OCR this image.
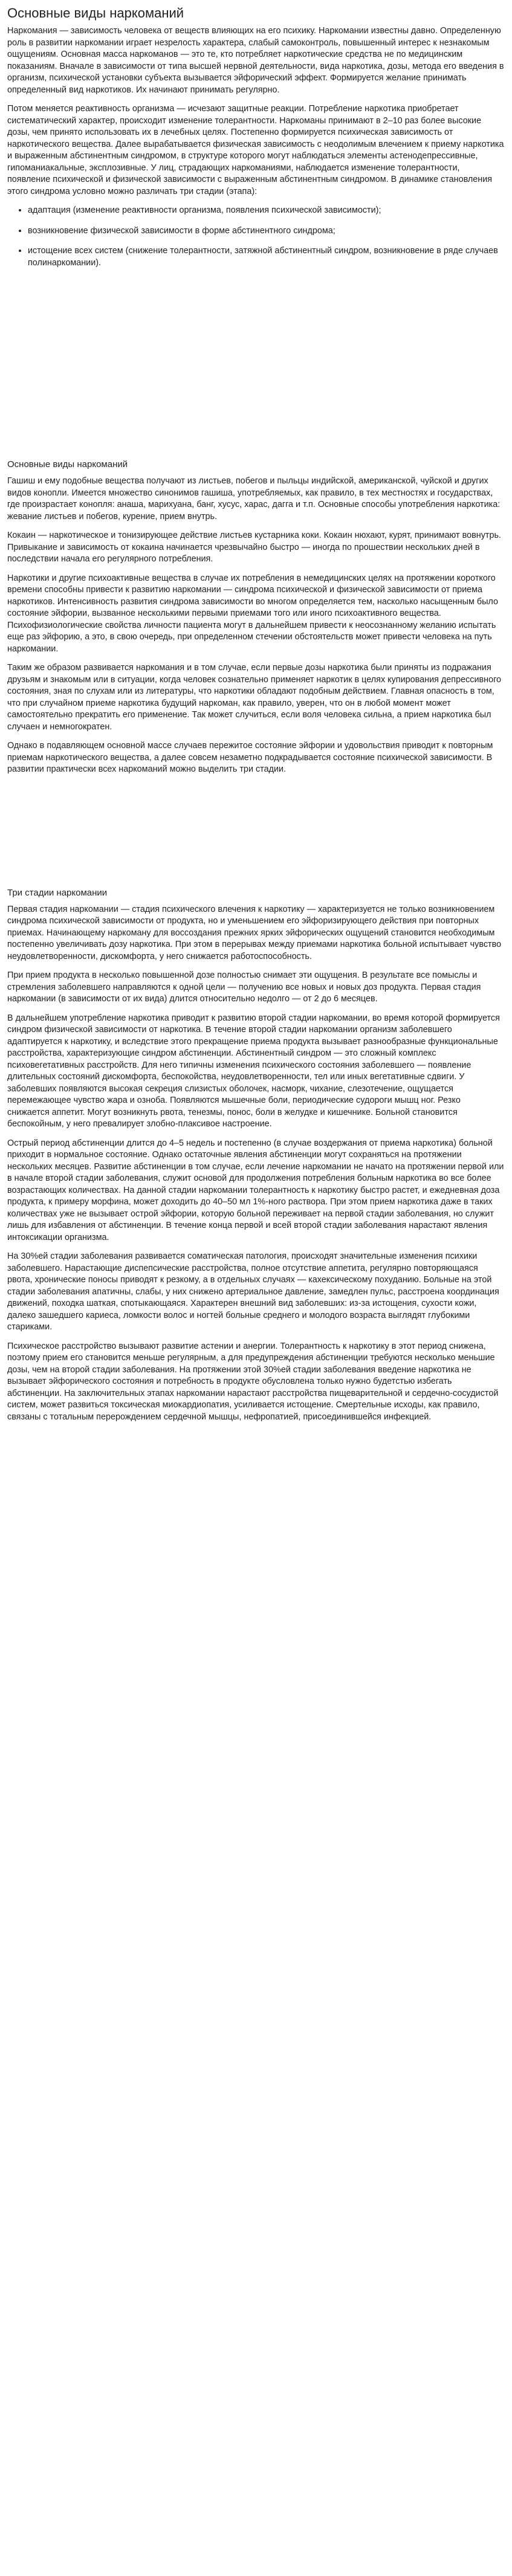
Основные виды наркоманий

Наркомания — зависимость человека от веществ влияющих на его психику. Наркомании известны давно. Определенную роль в развитии наркомании играет незрелость характера, слабый самоконтроль, повышенный интерес к незнакомым ощущениям. Основная масса наркоманов — это те, кто потребляет наркотические средства не по медицинским показаниям. Вначале в зависимости от типа высшей нервной деятельности, вида наркотика, дозы, метода его введения в организм, психической установки субъекта вызывается эйфорический эффект. Формируется желание принимать определенный вид наркотиков. Их начинают принимать регулярно.

Потом меняется реактивность организма — исчезают защитные реакции. Потребление наркотика приобретает систематический характер, происходит изменение толерантности. Наркоманы принимают в 2–10 раз более высокие дозы, чем принято использовать их в лечебных целях. Постепенно формируется психическая зависимость от наркотического вещества. Далее вырабатывается физическая зависимость с неодолимым влечением к приему наркотика и выраженным абстинентным синдромом, в структуре которого могут наблюдаться элементы астенодепрессивные, гипоманиакальные, эксплозивные. У лиц, страдающих наркоманиями, наблюдается изменение толерантности, появление психической и физической зависимости с выраженным абстинентным синдромом. В динамике становления этого синдрома условно можно различать три стадии (этапа):

• адаптация (изменение реактивности организма, появления психической зависимости);
• возникновение физической зависимости в форме абстинентного синдрома;
• истощение всех систем (снижение толерантности, затяжной абстинентный синдром, возникновение в ряде случаев полинаркомании).
Основные виды наркоманий

Гашиш и ему подобные вещества получают из листьев, побегов и пыльцы индийской, американской, чуйской и других видов конопли. Имеется множество синонимов гашиша, употребляемых, как правило, в тех местностях и государствах, где произрастает конопля: анаша, марихуана, банг, хусус, харас, дагга и т.п. Основные способы употребления наркотика: жевание листьев и побегов, курение, прием внутрь.

Кокаин — наркотическое и тонизирующее действие листьев кустарника коки. Кокаин нюхают, курят, принимают вовнутрь. Привыкание и зависимость от кокаина начинается чрезвычайно быстро — иногда по прошествии нескольких дней в последствии начала его регулярного потребления.

Наркотики и другие психоактивные вещества в случае их потребления в немедицинских целях на протяжении короткого времени способны привести к развитию наркомании — синдрома психической и физической зависимости от приема наркотиков. Интенсивность развития синдрома зависимости во многом определяется тем, насколько насыщенным было состояние эйфории, вызванное несколькими первыми приемами того или иного психоактивного вещества. Психофизиологические свойства личности пациента могут в дальнейшем привести к неосознанному желанию испытать еще раз эйфорию, а это, в свою очередь, при определенном стечении обстоятельств может привести человека на путь наркомании.

Таким же образом развивается наркомания и в том случае, если первые дозы наркотика были приняты из подражания друзьям и знакомым или в ситуации, когда человек сознательно применяет наркотик в целях купирования депрессивного состояния, зная по слухам или из литературы, что наркотики обладают подобным действием. Главная опасность в том, что при случайном приеме наркотика будущий наркоман, как правило, уверен, что он в любой момент может самостоятельно прекратить его применение. Так может случиться, если воля человека сильна, а прием наркотика был случаен и немногократен.

Однако в подавляющем основной массе случаев пережитое состояние эйфории и удовольствия приводит к повторным приемам наркотического вещества, а далее совсем незаметно подкрадывается состояние психической зависимости. В развитии практически всех наркоманий можно выделить три стадии.

Три стадии наркомании

Первая стадия наркомании — стадия психического влечения к наркотику — характеризуется не только возникновением синдрома психической зависимости от продукта, но и уменьшением его эйфоризирующего действия при повторных приемах. Начинающему наркоману для воссоздания прежних ярких эйфорических ощущений становится необходимым постепенно увеличивать дозу наркотика. При этом в перерывах между приемами наркотика больной испытывает чувство неудовлетворенности, дискомфорта, у него снижается работоспособность.

При прием продукта в несколько повышенной дозе полностью снимает эти ощущения. В результате все помыслы и стремления заболевшего направляются к одной цели — получению все новых и новых доз продукта. Первая стадия наркомании (в зависимости от их вида) длится относительно недолго — от 2 до 6 месяцев.

В дальнейшем употребление наркотика приводит к развитию второй стадии наркомании, во время которой формируется синдром физической зависимости от наркотика. В течение второй стадии наркомании организм заболевшего адаптируется к наркотику, и вследствие этого прекращение приема продукта вызывает разнообразные функциональные расстройства, характеризующие синдром абстиненции. Абстинентный синдром — это сложный комплекс психовегетативных расстройств. Для него типичны изменения психического состояния заболевшего — появление длительных состояний дискомфорта, беспокойства, неудовлетворенности, тел или иных вегетативные сдвиги. У заболевших появляются высокая секреция слизистых оболочек, насморк, чихание, слезотечение, ощущается перемежающее чувство жара и озноба. Появляются мышечные боли, периодические судороги мышц ног. Резко снижается аппетит. Могут возникнуть рвота, тенезмы, понос, боли в желудке и кишечнике. Больной становится беспокойным, у него превалирует злобно-плаксивое настроение.

Острый период абстиненции длится до 4–5 недель и постепенно (в случае воздержания от приема наркотика) больной приходит в нормальное состояние. Однако остаточные явления абстиненции могут сохраняться на протяжении нескольких месяцев. Развитие абстиненции в том случае, если лечение наркомании не начато на протяжении первой или в начале второй стадии заболевания, служит основой для продолжения потребления больным наркотика во все более возрастающих количествах. На данной стадии наркомании толерантность к наркотику быстро растет, и ежедневная доза продукта, к примеру морфина, может доходить до 40–50 мл 1%-ного раствора. При этом прием наркотика даже в таких количествах уже не вызывает острой эйфории, которую больной переживает на первой стадии заболевания, но служит лишь для избавления от абстиненции. В течение конца первой и всей второй стадии заболевания нарастают явления интоксикации организма.

На 30%ей стадии заболевания развивается соматическая патология, происходят значительные изменения психики заболевшего. Нарастающие диспепсические расстройства, полное отсутствие аппетита, регулярно повторяющаяся рвота, хронические поносы приводят к резкому, а в отдельных случаях — кахексическому похуданию. Больные на этой стадии заболевания апатичны, слабы, у них снижено артериальное давление, замедлен пульс, расстроена координация движений, походка шаткая, спотыкающаяся. Характерен внешний вид заболевших: из-за истощения, сухости кожи, далеко зашедшего кариеса, ломкости волос и ногтей больные среднего и молодого возраста выглядят глубокими стариками.

Психическое расстройство вызывают развитие астении и анергии. Толерантность к наркотику в этот период снижена, поэтому прием его становится меньше регулярным, а для предупреждения абстиненции требуются несколько меньшие дозы, чем на второй стадии заболевания. На протяжении этой 30%ей стадии заболевания введение наркотика не вызывает эйфорического состояния и потребность в продукте обусловлена только нужно будетстью избегать абстиненции. На заключительных этапах наркомании нарастают расстройства пищеварительной и сердечно-сосудистой систем, может развиться токсическая миокардиопатия, усиливается истощение. Смертельные исходы, как правило, связаны с тотальным перерождением сердечной мышцы, нефропатией, присоединившейся инфекцией.
